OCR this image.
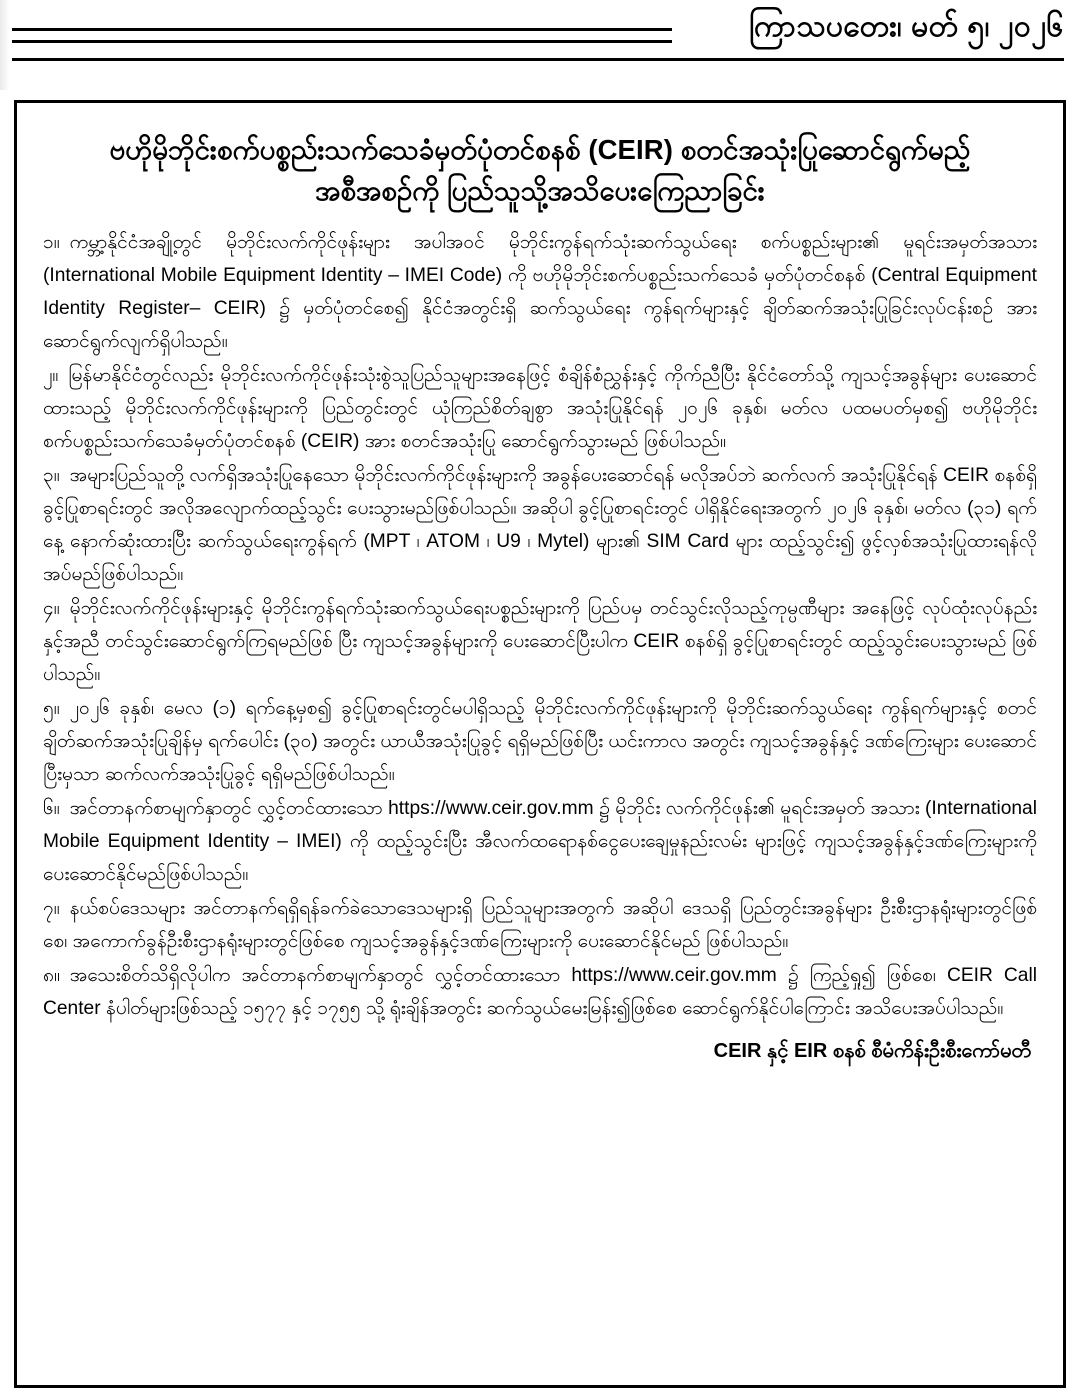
ကြာသပတေး၊ မတ် ၅၊ ၂၀၂၆
ဗဟိုမိုဘိုင်းစက်ပစ္စည်းသက်သေခံမှတ်ပုံတင်စနစ် (CEIR) စတင်အသုံးပြုဆောင်ရွက်မည့်
အစီအစဉ်ကို ပြည်သူသို့အသိပေးကြေညာခြင်း

၁။ ကမ္ဘာ့နိုင်ငံအချို့တွင် မိုဘိုင်းလက်ကိုင်ဖုန်းများ အပါအဝင် မိုဘိုင်းကွန်ရက်သုံးဆက်သွယ်ရေး စက်ပစ္စည်းများ၏ မူရင်းအမှတ်အသား (International Mobile Equipment Identity – IMEI Code) ကို ဗဟိုမိုဘိုင်းစက်ပစ္စည်းသက်သေခံ မှတ်ပုံတင်စနစ် (Central Equipment Identity Register– CEIR) ၌ မှတ်ပုံတင်စေ၍ နိုင်ငံအတွင်းရှိ ဆက်သွယ်ရေး ကွန်ရက်များနှင့် ချိတ်ဆက်အသုံးပြုခြင်းလုပ်ငန်းစဉ် အား ဆောင်ရွက်လျက်ရှိပါသည်။

၂။ မြန်မာနိုင်ငံတွင်လည်း မိုဘိုင်းလက်ကိုင်ဖုန်းသုံးစွဲသူပြည်သူများအနေဖြင့် စံချိန်စံညွှန်းနှင့် ကိုက်ညီပြီး နိုင်ငံတော်သို့ ကျသင့်အခွန်များ ပေးဆောင်ထားသည့် မိုဘိုင်းလက်ကိုင်ဖုန်းများကို ပြည်တွင်းတွင် ယုံကြည်စိတ်ချစွာ အသုံးပြုနိုင်ရန် ၂၀၂၆ ခုနှစ်၊ မတ်လ ပထမပတ်မှစ၍ ဗဟိုမိုဘိုင်း စက်ပစ္စည်းသက်သေခံမှတ်ပုံတင်စနစ် (CEIR) အား စတင်အသုံးပြု ဆောင်ရွက်သွားမည် ဖြစ်ပါသည်။

၃။ အများပြည်သူတို့ လက်ရှိအသုံးပြုနေသော မိုဘိုင်းလက်ကိုင်ဖုန်းများကို အခွန်ပေးဆောင်ရန် မလိုအပ်ဘဲ ဆက်လက် အသုံးပြုနိုင်ရန် CEIR စနစ်ရှိ ခွင့်ပြုစာရင်းတွင် အလိုအလျောက်ထည့်သွင်း ပေးသွားမည်ဖြစ်ပါသည်။ အဆိုပါ ခွင့်ပြုစာရင်းတွင် ပါရှိနိုင်ရေးအတွက် ၂၀၂၆ ခုနှစ်၊ မတ်လ (၃၁) ရက်နေ့ နောက်ဆုံးထားပြီး ဆက်သွယ်ရေးကွန်ရက် (MPT ၊ ATOM ၊ U9 ၊ Mytel) များ၏ SIM Card များ ထည့်သွင်း၍ ဖွင့်လှစ်အသုံးပြုထားရန်လိုအပ်မည်ဖြစ်ပါသည်။

၄။ မိုဘိုင်းလက်ကိုင်ဖုန်းများနှင့် မိုဘိုင်းကွန်ရက်သုံးဆက်သွယ်ရေးပစ္စည်းများကို ပြည်ပမှ တင်သွင်းလိုသည့်ကုမ္ပဏီများ အနေဖြင့် လုပ်ထုံးလုပ်နည်းနှင့်အညီ တင်သွင်းဆောင်ရွက်ကြရမည်ဖြစ် ပြီး ကျသင့်အခွန်များကို ပေးဆောင်ပြီးပါက CEIR စနစ်ရှိ ခွင့်ပြုစာရင်းတွင် ထည့်သွင်းပေးသွားမည် ဖြစ်ပါသည်။

၅။ ၂၀၂၆ ခုနှစ်၊ မေလ (၁) ရက်နေ့မှစ၍ ခွင့်ပြုစာရင်းတွင်မပါရှိသည့် မိုဘိုင်းလက်ကိုင်ဖုန်းများကို မိုဘိုင်းဆက်သွယ်ရေး ကွန်ရက်များနှင့် စတင်ချိတ်ဆက်အသုံးပြုချိန်မှ ရက်ပေါင်း (၃၀) အတွင်း ယာယီအသုံးပြုခွင့် ရရှိမည်ဖြစ်ပြီး ယင်းကာလ အတွင်း ကျသင့်အခွန်နှင့် ဒဏ်ကြေးများ ပေးဆောင်ပြီးမှသာ ဆက်လက်အသုံးပြုခွင့် ရရှိမည်ဖြစ်ပါသည်။

၆။ အင်တာနက်စာမျက်နှာတွင် လွှင့်တင်ထားသော https://www.ceir.gov.mm ၌ မိုဘိုင်း လက်ကိုင်ဖုန်း၏ မူရင်းအမှတ် အသား (International Mobile Equipment Identity – IMEI) ကို ထည့်သွင်းပြီး အီလက်ထရောနစ်ငွေပေးချေမှုနည်းလမ်း များဖြင့် ကျသင့်အခွန်နှင့်ဒဏ်ကြေးများကို ပေးဆောင်နိုင်မည်ဖြစ်ပါသည်။

၇။ နယ်စပ်ဒေသများ အင်တာနက်ရရှိရန်ခက်ခဲသောဒေသများရှိ ပြည်သူများအတွက် အဆိုပါ ဒေသရှိ ပြည်တွင်းအခွန်များ ဦးစီးဌာနရုံးများတွင်ဖြစ်စေ၊ အကောက်ခွန်ဦးစီးဌာနရုံးများတွင်ဖြစ်စေ ကျသင့်အခွန်နှင့်ဒဏ်ကြေးများကို ပေးဆောင်နိုင်မည် ဖြစ်ပါသည်။

၈။ အသေးစိတ်သိရှိလိုပါက အင်တာနက်စာမျက်နှာတွင် လွှင့်တင်ထားသော https://www.ceir.gov.mm ၌ ကြည့်ရှု၍ ဖြစ်စေ၊ CEIR Call Center နံပါတ်များဖြစ်သည့် ၁၅၇၇ နှင့် ၁၇၅၅ သို့ ရုံးချိန်အတွင်း ဆက်သွယ်မေးမြန်း၍ဖြစ်စေ ဆောင်ရွက်နိုင်ပါကြောင်း အသိပေးအပ်ပါသည်။

CEIR နှင့် EIR စနစ် စီမံကိန်းဦးစီးကော်မတီ
